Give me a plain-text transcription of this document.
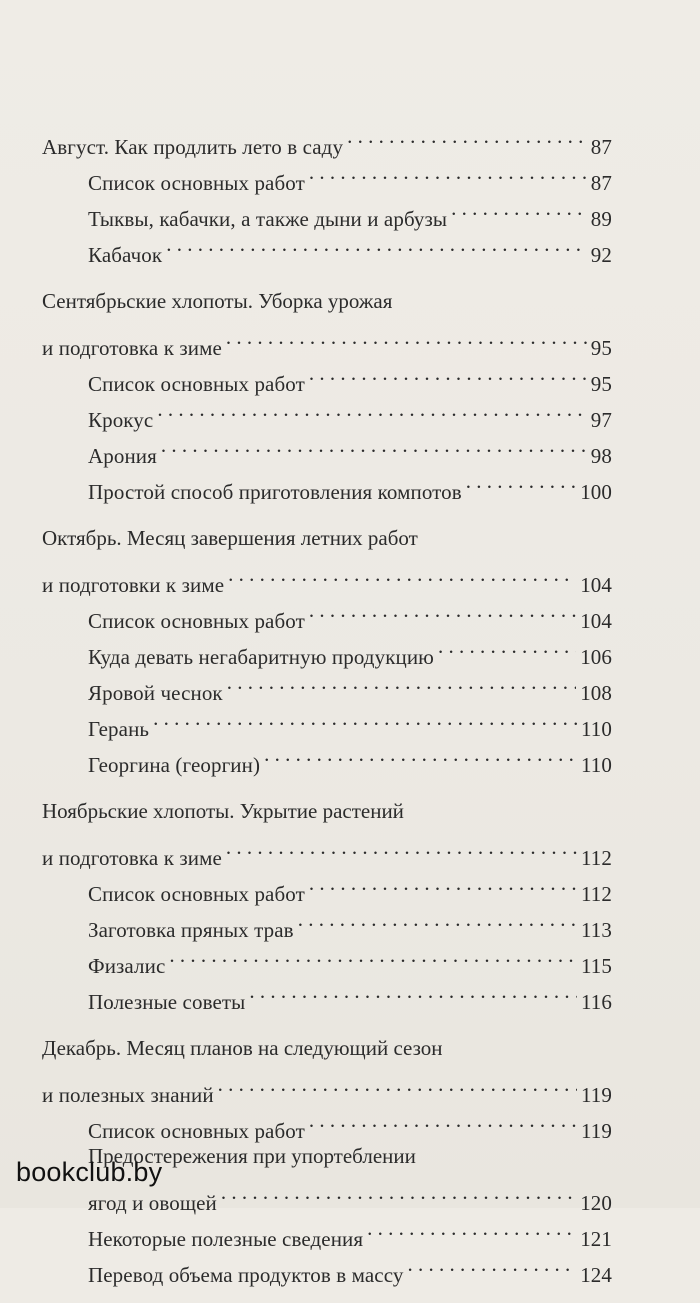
Август. Как продлить лето в саду . . .	87
Список основных работ . . .	87
Тыквы, кабачки, а также дыни и арбузы . . .	89
Кабачок . . .	92
Сентябрьские хлопоты. Уборка урожая
и подготовка к зиме . . .	95
Список основных работ . . .	95
Крокус . . .	97
Арония . . .	98
Простой способ приготовления компотов . . .	100
Октябрь. Месяц завершения летних работ
и подготовки к зиме . . .	104
Список основных работ . . .	104
Куда девать негабаритную продукцию . . .	106
Яровой чеснок . . .	108
Герань . . .	110
Георгина (георгин) . . .	110
Ноябрьские хлопоты. Укрытие растений
и подготовка к зиме . . .	112
Список основных работ . . .	112
Заготовка пряных трав . . .	113
Физалис . . .	115
Полезные советы . . .	116
Декабрь. Месяц планов на следующий сезон
и полезных знаний . . .	119
Список основных работ . . .	119
Предостережения при упортеблении
ягод и овощей . . .	120
Некоторые полезные сведения . . .	121
Перевод объема продуктов в массу . . .	124
bookclub.by
